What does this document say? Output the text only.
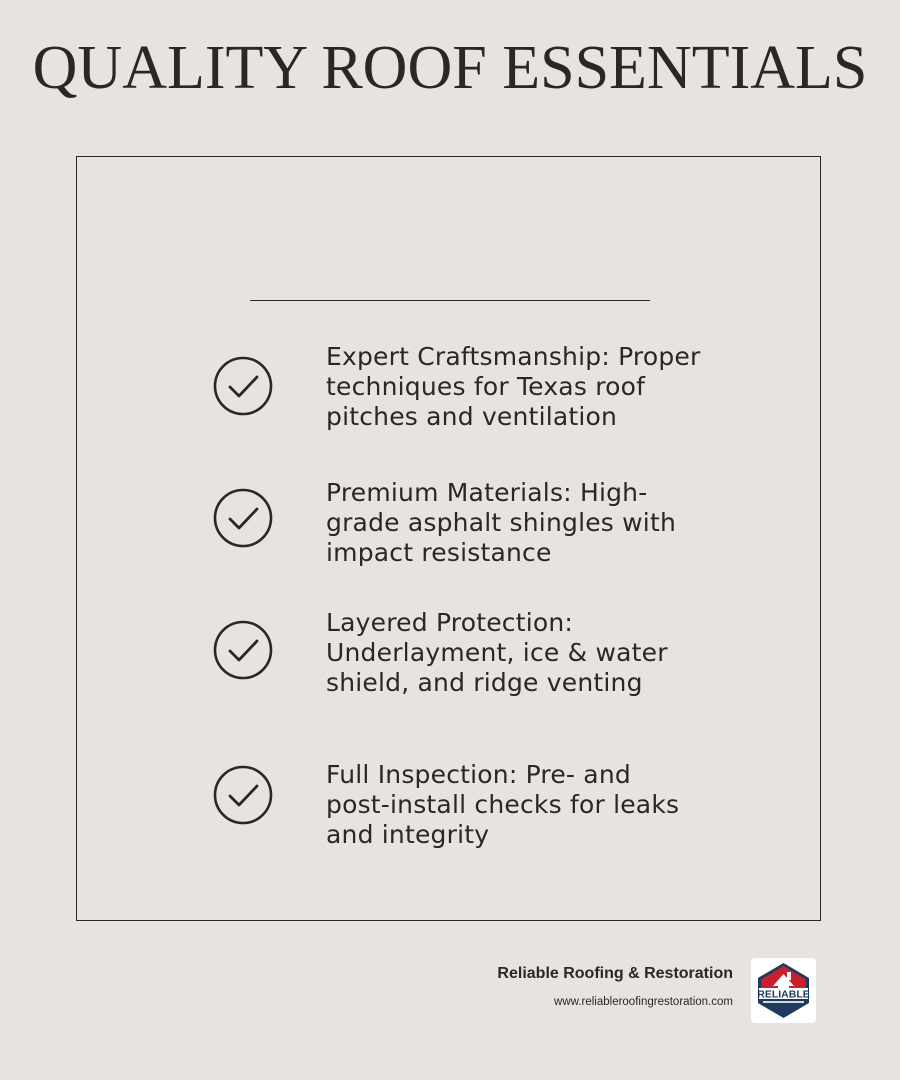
QUALITY ROOF ESSENTIALS
Expert Craftsmanship: Proper
techniques for Texas roof
pitches and ventilation
Premium Materials: High-
grade asphalt shingles with
impact resistance
Layered Protection:
Underlayment, ice & water
shield, and ridge venting
Full Inspection: Pre- and
post-install checks for leaks
and integrity
Reliable Roofing & Restoration
www.reliableroofingrestoration.com
RELIABLE
